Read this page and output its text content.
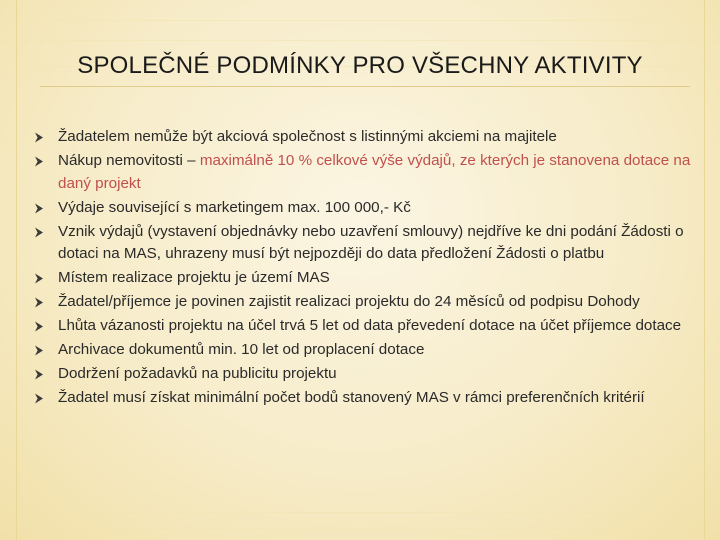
SPOLEČNÉ PODMÍNKY PRO VŠECHNY AKTIVITY
Žadatelem nemůže být akciová společnost s listinnými akciemi na majitele
Nákup nemovitosti – maximálně 10 % celkové výše výdajů, ze kterých je stanovena dotace na daný projekt
Výdaje související s marketingem max. 100 000,- Kč
Vznik výdajů (vystavení objednávky nebo uzavření smlouvy) nejdříve ke dni podání Žádosti o dotaci na MAS, uhrazeny musí být nejpozději do data předložení Žádosti o platbu
Místem realizace projektu je území MAS
Žadatel/příjemce je povinen zajistit realizaci projektu do 24 měsíců od podpisu Dohody
Lhůta vázanosti projektu na účel trvá 5 let od data převedení dotace na účet příjemce dotace
Archivace dokumentů min. 10 let od proplacení dotace
Dodržení požadavků na publicitu projektu
Žadatel musí získat minimální počet bodů stanovený MAS v rámci preferenčních kritérií
